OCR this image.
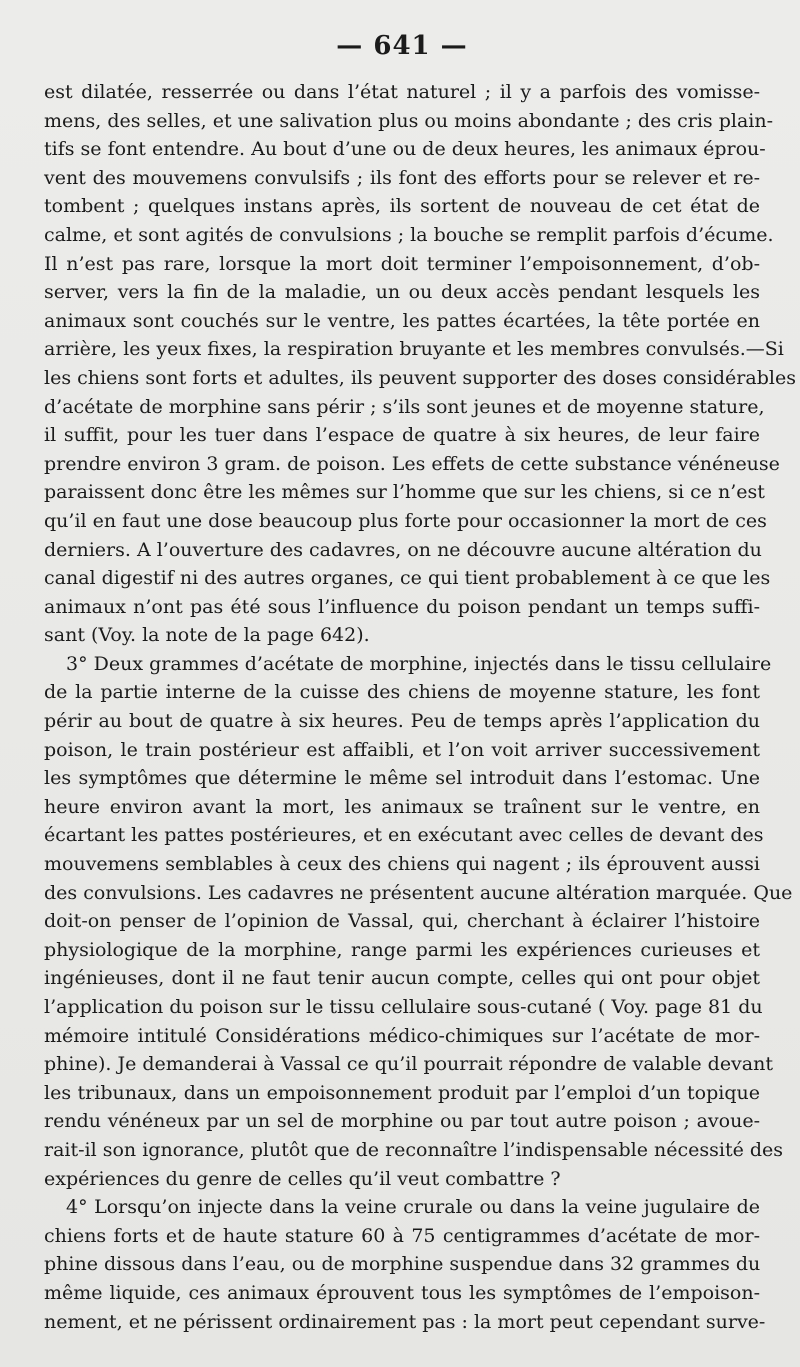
— 641 —

est dilatée, resserrée ou dans l’état naturel ; il y a parfois des vomisse-
mens, des selles, et une salivation plus ou moins abondante ; des cris plain-
tifs se font entendre. Au bout d’une ou de deux heures, les animaux éprou-
vent des mouvemens convulsifs ; ils font des efforts pour se relever et re-
tombent ; quelques instans après, ils sortent de nouveau de cet état de
calme, et sont agités de convulsions ; la bouche se remplit parfois d’écume.
Il n’est pas rare, lorsque la mort doit terminer l’empoisonnement, d’ob-
server, vers la fin de la maladie, un ou deux accès pendant lesquels les
animaux sont couchés sur le ventre, les pattes écartées, la tête portée en
arrière, les yeux fixes, la respiration bruyante et les membres convulsés.—Si
les chiens sont forts et adultes, ils peuvent supporter des doses considérables
d’acétate de morphine sans périr ; s’ils sont jeunes et de moyenne stature,
il suffit, pour les tuer dans l’espace de quatre à six heures, de leur faire
prendre environ 3 gram. de poison. Les effets de cette substance vénéneuse
paraissent donc être les mêmes sur l’homme que sur les chiens, si ce n’est
qu’il en faut une dose beaucoup plus forte pour occasionner la mort de ces
derniers. A l’ouverture des cadavres, on ne découvre aucune altération du
canal digestif ni des autres organes, ce qui tient probablement à ce que les
animaux n’ont pas été sous l’influence du poison pendant un temps suffi-
sant (Voy. la note de la page 642).

3° Deux grammes d’acétate de morphine, injectés dans le tissu cellulaire
de la partie interne de la cuisse des chiens de moyenne stature, les font
périr au bout de quatre à six heures. Peu de temps après l’application du
poison, le train postérieur est affaibli, et l’on voit arriver successivement
les symptômes que détermine le même sel introduit dans l’estomac. Une
heure environ avant la mort, les animaux se traînent sur le ventre, en
écartant les pattes postérieures, et en exécutant avec celles de devant des
mouvemens semblables à ceux des chiens qui nagent ; ils éprouvent aussi
des convulsions. Les cadavres ne présentent aucune altération marquée. Que
doit-on penser de l’opinion de Vassal, qui, cherchant à éclairer l’histoire
physiologique de la morphine, range parmi les expériences curieuses et
ingénieuses, dont il ne faut tenir aucun compte, celles qui ont pour objet
l’application du poison sur le tissu cellulaire sous-cutané ( Voy. page 81 du
mémoire intitulé Considérations médico-chimiques sur l’acétate de mor-
phine). Je demanderai à Vassal ce qu’il pourrait répondre de valable devant
les tribunaux, dans un empoisonnement produit par l’emploi d’un topique
rendu vénéneux par un sel de morphine ou par tout autre poison ; avoue-
rait-il son ignorance, plutôt que de reconnaître l’indispensable nécessité des
expériences du genre de celles qu’il veut combattre ?

4° Lorsqu’on injecte dans la veine crurale ou dans la veine jugulaire de
chiens forts et de haute stature 60 à 75 centigrammes d’acétate de mor-
phine dissous dans l’eau, ou de morphine suspendue dans 32 grammes du
même liquide, ces animaux éprouvent tous les symptômes de l’empoison-
nement, et ne périssent ordinairement pas : la mort peut cependant surve-
